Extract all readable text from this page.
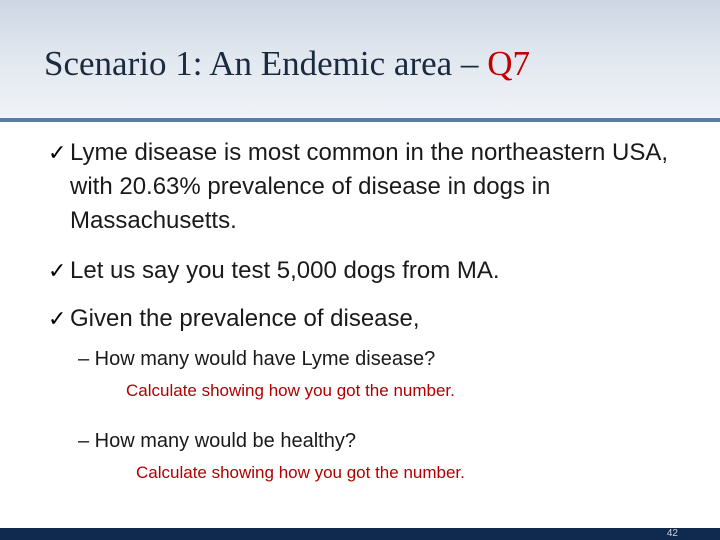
Scenario 1: An Endemic area – Q7
✓ Lyme disease is most common in the northeastern USA, with 20.63% prevalence of disease in dogs in Massachusetts.
✓ Let us say you test 5,000 dogs from MA.
✓ Given the prevalence of disease,
– How many would have Lyme disease?
Calculate showing how you got the number.
– How many would be healthy?
Calculate showing how you got the number.
42
